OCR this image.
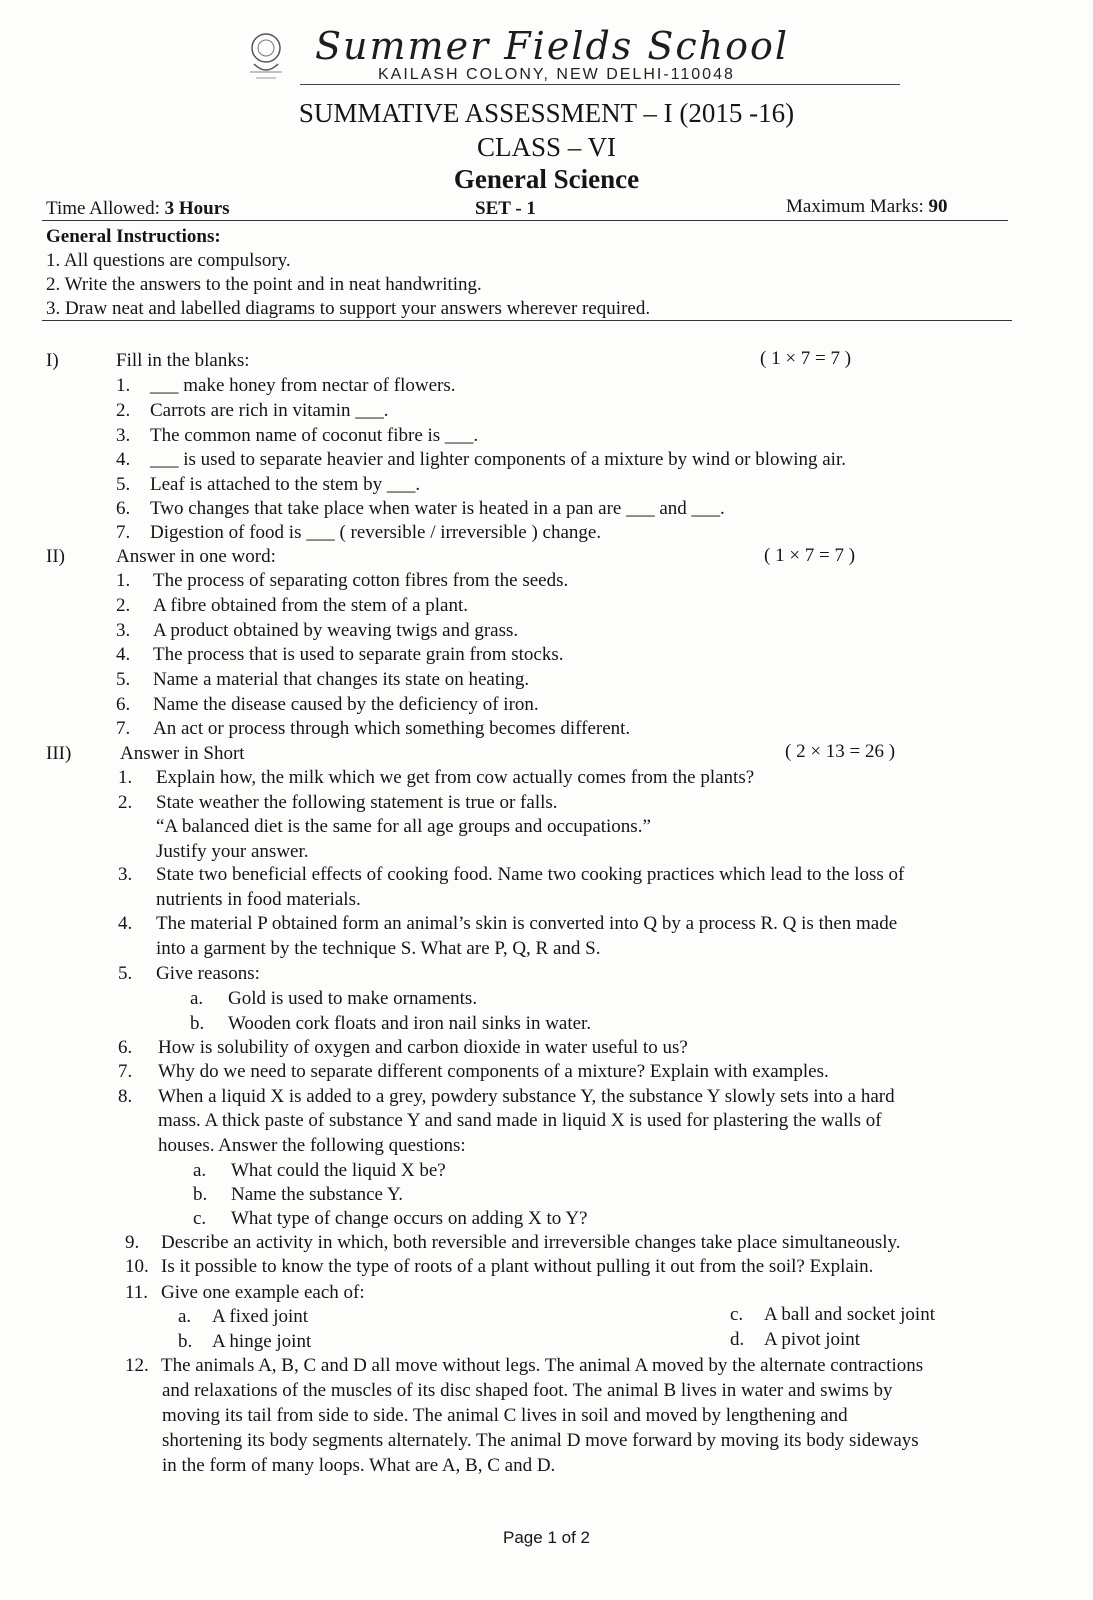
Summer Fields School
KAILASH COLONY, NEW DELHI-110048
SUMMATIVE ASSESSMENT – I (2015 -16)
CLASS – VI
General Science
Time Allowed: 3 Hours	SET - 1	Maximum Marks: 90
General Instructions:
1. All questions are compulsory.
2. Write the answers to the point and in neat handwriting.
3. Draw neat and labelled diagrams to support your answers wherever required.
I)	Fill in the blanks:	( 1 × 7 = 7 )
1. ___ make honey from nectar of flowers.
2. Carrots are rich in vitamin ___.
3. The common name of coconut fibre is ___.
4. ___ is used to separate heavier and lighter components of a mixture by wind or blowing air.
5. Leaf is attached to the stem by ___.
6. Two changes that take place when water is heated in a pan are ___ and ___.
7. Digestion of food is ___ ( reversible / irreversible ) change.
II)	Answer in one word:	( 1 × 7 = 7 )
1. The process of separating cotton fibres from the seeds.
2. A fibre obtained from the stem of a plant.
3. A product obtained by weaving twigs and grass.
4. The process that is used to separate grain from stocks.
5. Name a material that changes its state on heating.
6. Name the disease caused by the deficiency of iron.
7. An act or process through which something becomes different.
III)	Answer in Short	( 2 × 13 = 26 )
1. Explain how, the milk which we get from cow actually comes from the plants?
2. State weather the following statement is true or falls.
“A balanced diet is the same for all age groups and occupations.”
Justify your answer.
3. State two beneficial effects of cooking food. Name two cooking practices which lead to the loss of
nutrients in food materials.
4. The material P obtained form an animal’s skin is converted into Q by a process R. Q is then made
into a garment by the technique S. What are P, Q, R and S.
5. Give reasons:
a. Gold is used to make ornaments.
b. Wooden cork floats and iron nail sinks in water.
6. How is solubility of oxygen and carbon dioxide in water useful to us?
7. Why do we need to separate different components of a mixture? Explain with examples.
8. When a liquid X is added to a grey, powdery substance Y, the substance Y slowly sets into a hard
mass. A thick paste of substance Y and sand made in liquid X is used for plastering the walls of
houses. Answer the following questions:
a. What could the liquid X be?
b. Name the substance Y.
c. What type of change occurs on adding X to Y?
9. Describe an activity in which, both reversible and irreversible changes take place simultaneously.
10. Is it possible to know the type of roots of a plant without pulling it out from the soil? Explain.
11. Give one example each of:
a. A fixed joint	c. A ball and socket joint
b. A hinge joint	d. A pivot joint
12. The animals A, B, C and D all move without legs. The animal A moved by the alternate contractions
and relaxations of the muscles of its disc shaped foot. The animal B lives in water and swims by
moving its tail from side to side. The animal C lives in soil and moved by lengthening and
shortening its body segments alternately. The animal D move forward by moving its body sideways
in the form of many loops. What are A, B, C and D.
Page 1 of 2
